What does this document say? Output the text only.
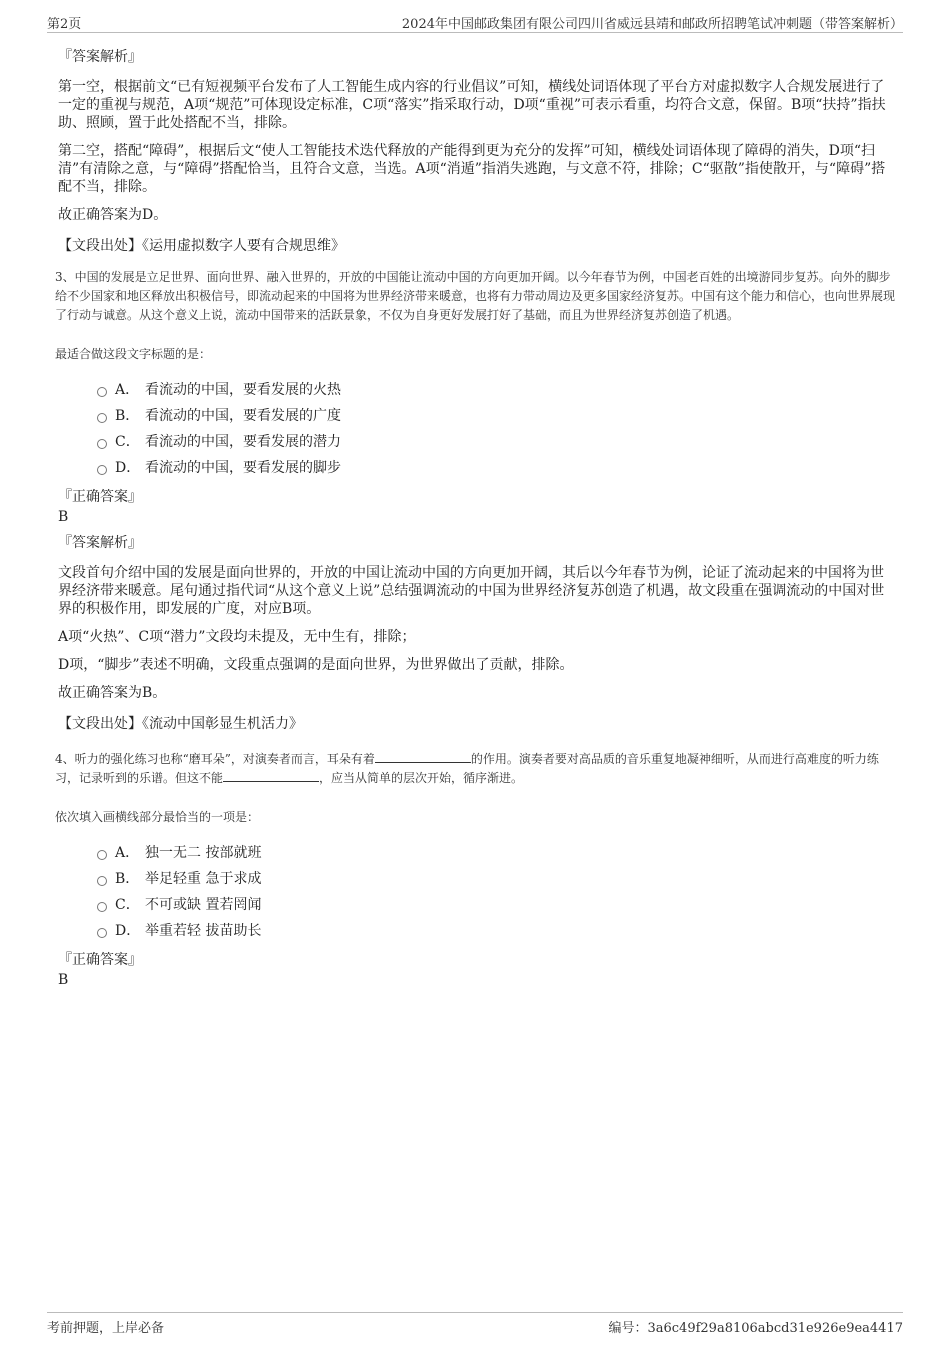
第2页	2024年中国邮政集团有限公司四川省威远县靖和邮政所招聘笔试冲刺题（带答案解析）
『答案解析』
第一空，根据前文“已有短视频平台发布了人工智能生成内容的行业倡议”可知，横线处词语体现了平台方对虚拟数字人合规发展进行了一定的重视与规范，A项“规范”可体现设定标准，C项“落实”指采取行动，D项“重视”可表示看重，均符合文意，保留。B项“扶持”指扶助、照顾，置于此处搭配不当，排除。
第二空，搭配“障碍”，根据后文“使人工智能技术迭代释放的产能得到更为充分的发挥”可知，横线处词语体现了障碍的消失，D项“扫清”有清除之意，与“障碍”搭配恰当，且符合文意，当选。A项“消遁”指消失逃跑，与文意不符，排除；C“驱散”指使散开，与“障碍”搭配不当，排除。
故正确答案为D。
【文段出处】《运用虚拟数字人要有合规思维》
3、中国的发展是立足世界、面向世界、融入世界的，开放的中国能让流动中国的方向更加开阔。以今年春节为例，中国老百姓的出境游同步复苏。向外的脚步给不少国家和地区释放出积极信号，即流动起来的中国将为世界经济带来暖意，也将有力带动周边及更多国家经济复苏。中国有这个能力和信心，也向世界展现了行动与诚意。从这个意义上说，流动中国带来的活跃景象，不仅为自身更好发展打好了基础，而且为世界经济复苏创造了机遇。
最适合做这段文字标题的是：
A． 看流动的中国，要看发展的火热
B． 看流动的中国，要看发展的广度
C． 看流动的中国，要看发展的潜力
D． 看流动的中国，要看发展的脚步
『正确答案』
B
『答案解析』
文段首句介绍中国的发展是面向世界的，开放的中国让流动中国的方向更加开阔，其后以今年春节为例，论证了流动起来的中国将为世界经济带来暖意。尾句通过指代词“从这个意义上说”总结强调流动的中国为世界经济复苏创造了机遇，故文段重在强调流动的中国对世界的积极作用，即发展的广度，对应B项。
A项“火热”、C项“潜力”文段均未提及，无中生有，排除；
D项，“脚步”表述不明确，文段重点强调的是面向世界，为世界做出了贡献，排除。
故正确答案为B。
【文段出处】《流动中国彰显生机活力》
4、听力的强化练习也称“磨耳朵”，对演奏者而言，耳朵有着	的作用。演奏者要对高品质的音乐重复地凝神细听，从而进行高难度的听力练习，记录听到的乐谱。但这不能	，应当从简单的层次开始，循序渐进。
依次填入画横线部分最恰当的一项是：
A． 独一无二 按部就班
B． 举足轻重 急于求成
C． 不可或缺 置若罔闻
D． 举重若轻 拔苗助长
『正确答案』
B
考前押题，上岸必备	编号：3a6c49f29a8106abcd31e926e9ea4417
